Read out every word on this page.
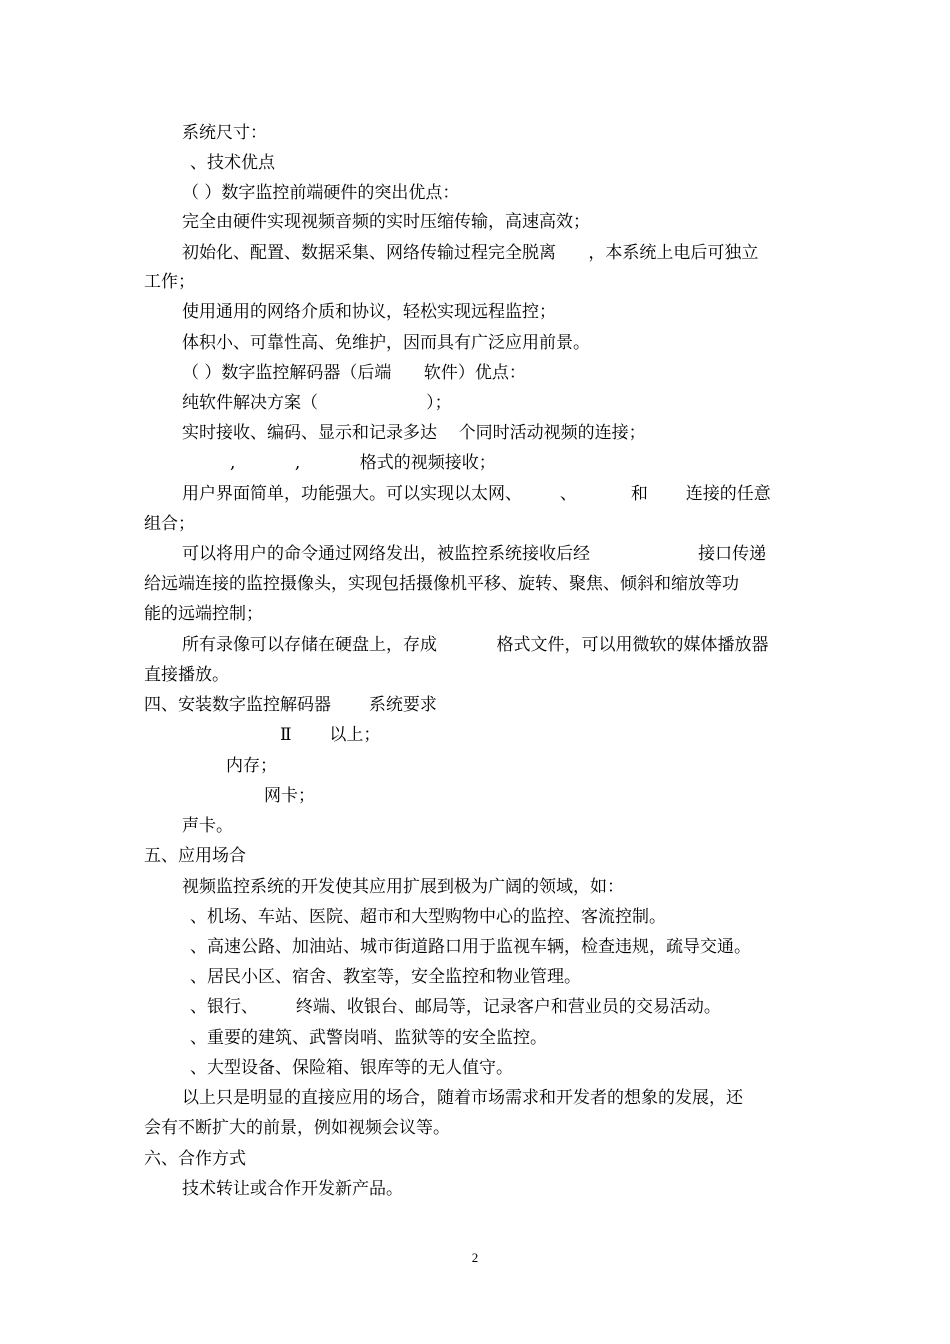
系统尺寸：
、技术优点
（ ）数字监控前端硬件的突出优点：
完全由硬件实现视频音频的实时压缩传输，高速高效；
初始化、配置、数据采集、网络传输过程完全脱离      ，本系统上电后可独立
工作；
使用通用的网络介质和协议，轻松实现远程监控；
体积小、可靠性高、免维护，因而具有广泛应用前景。
（ ）数字监控解码器（后端      软件）优点：
纯软件解决方案（                    ）；
实时接收、编码、显示和记录多达    个同时活动视频的连接；
,           ,           格式的视频接收；
用户界面简单，功能强大。可以实现以太网、       、          和       连接的任意
组合；
可以将用户的命令通过网络发出，被监控系统接收后经                    接口传递
给远端连接的监控摄像头，实现包括摄像机平移、旋转、聚焦、倾斜和缩放等功
能的远端控制；
所有录像可以存储在硬盘上，存成           格式文件，可以用微软的媒体播放器
直接播放。
四、安装数字监控解码器       系统要求
Ⅱ       以上；
内存；
网卡；
声卡。
五、应用场合
视频监控系统的开发使其应用扩展到极为广阔的领域，如：
、机场、车站、医院、超市和大型购物中心的监控、客流控制。
、高速公路、加油站、城市街道路口用于监视车辆，检查违规，疏导交通。
、居民小区、宿舍、教室等，安全监控和物业管理。
、银行、       终端、收银台、邮局等，记录客户和营业员的交易活动。
、重要的建筑、武警岗哨、监狱等的安全监控。
、大型设备、保险箱、银库等的无人值守。
以上只是明显的直接应用的场合，随着市场需求和开发者的想象的发展，还
会有不断扩大的前景，例如视频会议等。
六、合作方式
技术转让或合作开发新产品。
2
